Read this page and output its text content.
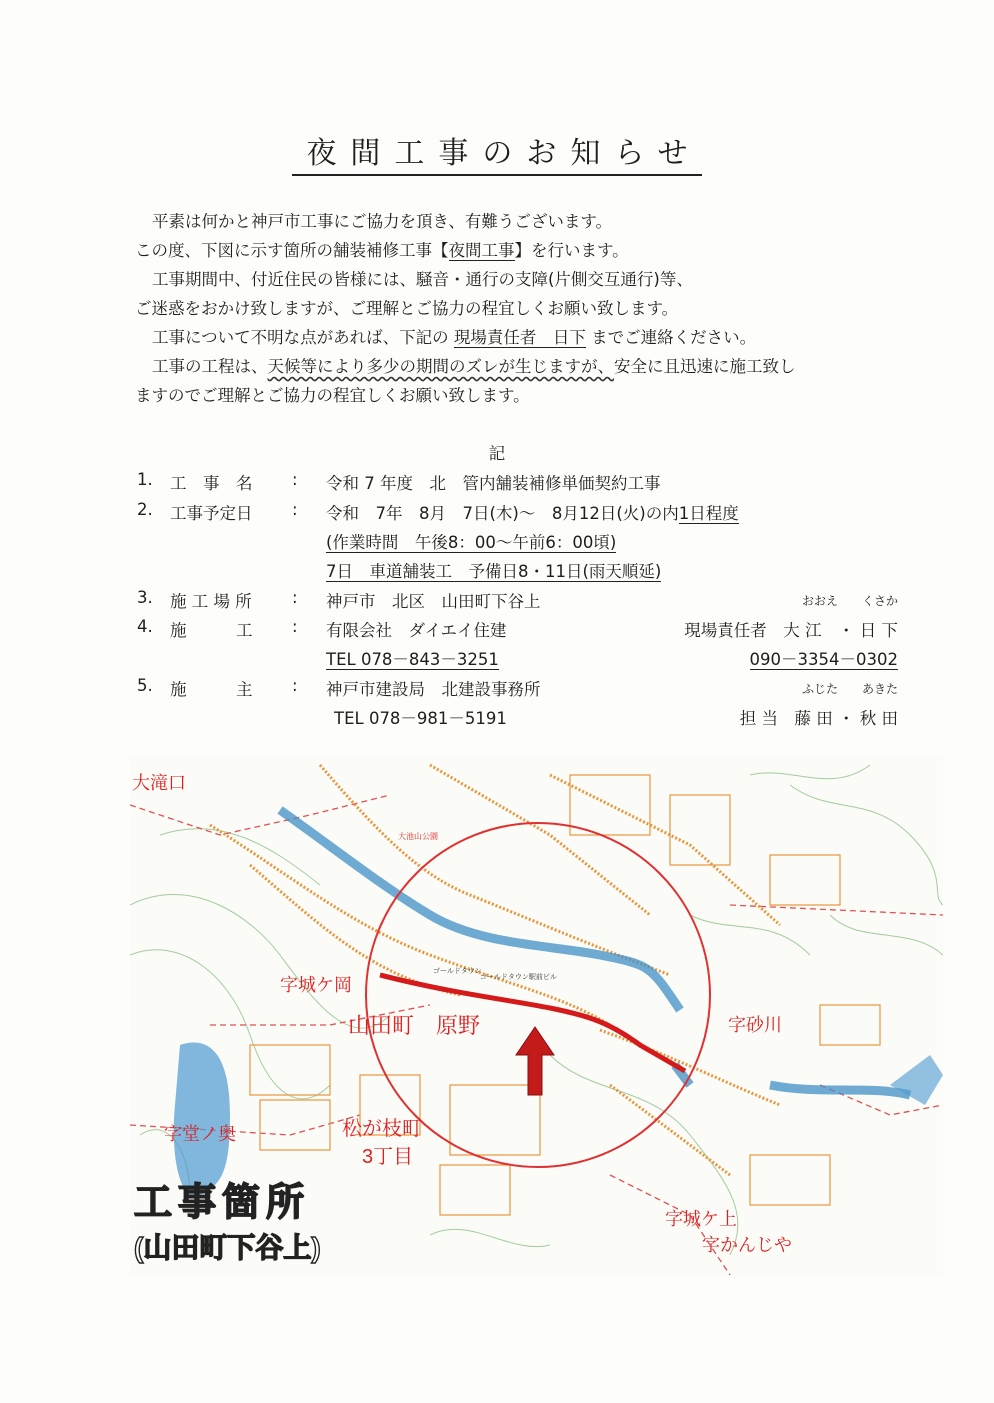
夜間工事のお知らせ

平素は何かと神戸市工事にご協力を頂き、有難うございます。

この度、下図に示す箇所の舗装補修工事【夜間工事】を行います。

工事期間中、付近住民の皆様には、騒音・通行の支障(片側交互通行)等、

ご迷惑をおかけ致しますが、ご理解とご協力の程宜しくお願い致します。

工事について不明な点があれば、下記の 現場責任者　日下 までご連絡ください。

工事の工程は、天候等により多少の期間のズレが生じますが、安全に且迅速に施工致し

ますのでご理解とご協力の程宜しくお願い致します。

記
1. 工　事　名 : 令和 7 年度　北　管内舗装補修単価契約工事
2. 工事予定日 : 令和　7年　8月　7日(木)～　8月12日(火)の内1日程度
(作業時間　午後8：00～午前6：00頃)
7日　車道舗装工　予備日8・11日(雨天順延)
3. 施 工 場 所 : 神戸市　北区　山田町下谷上	おおえ　　くさか
4. 施　　　工 : 有限会社　ダイエイ住建	現場責任者　大 江　・ 日 下
TEL 078－843－3251	090－3354－0302
5. 施　　　主 : 神戸市建設局　北建設事務所	ふじた　　あきた
TEL 078－981－5191	担 当　藤 田 ・ 秋 田
大滝口
字城ケ岡
山田町　原野	字砂川
字堂ノ奥	松が枝町
3丁目
字城ケ上
字かんじや
大池山公園
ゴールドタウン
ゴールドタウン駅前ビル
工事箇所
(山田町下谷上)
